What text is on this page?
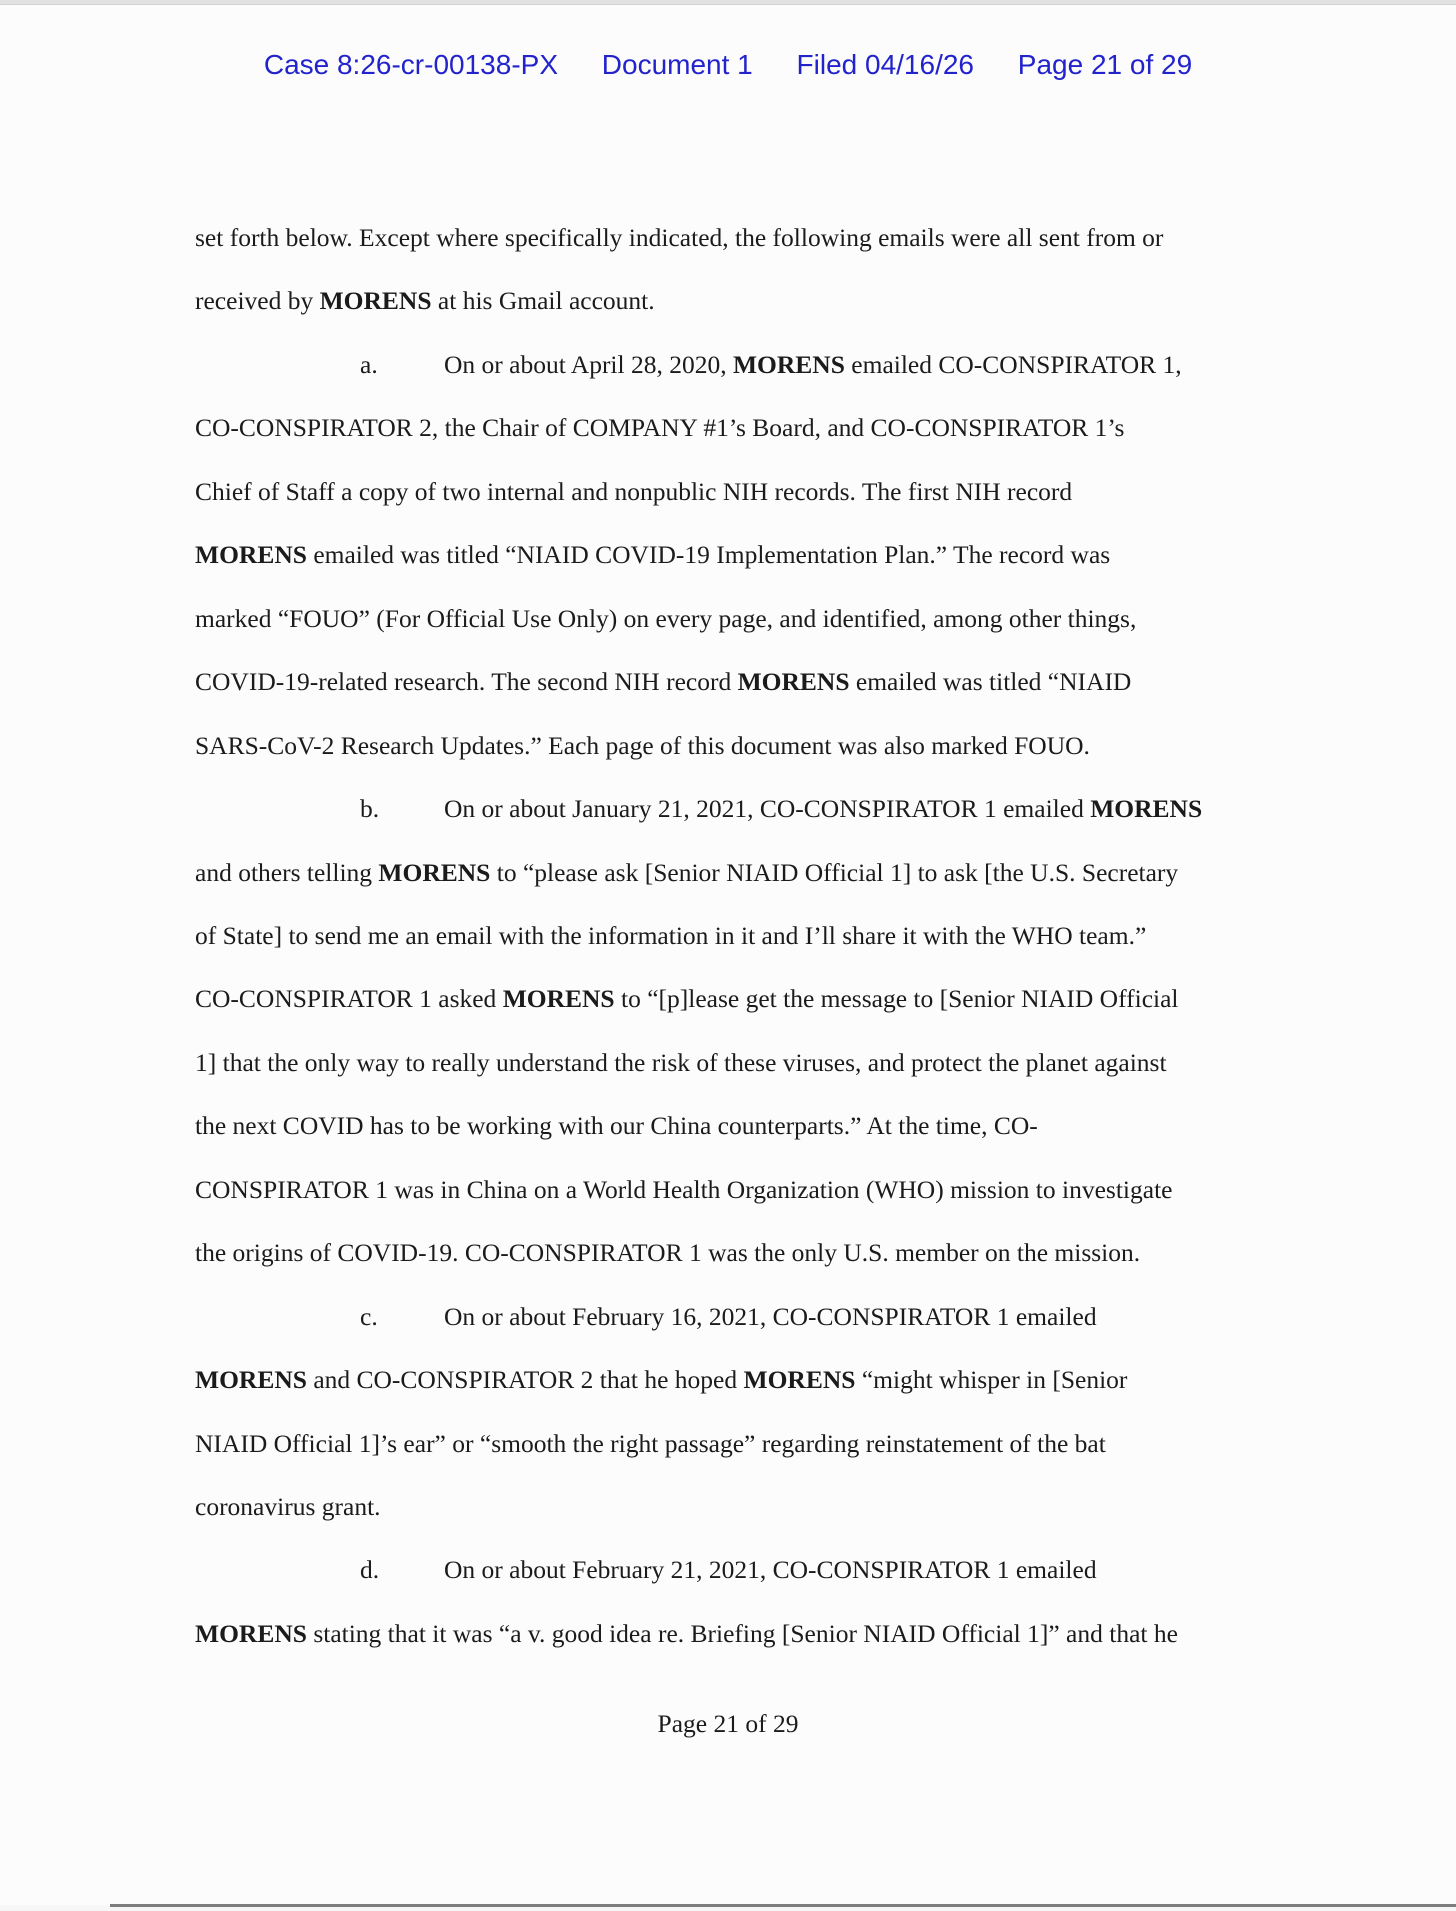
Case 8:26-cr-00138-PX Document 1 Filed 04/16/26 Page 21 of 29
set forth below. Except where specifically indicated, the following emails were all sent from or
received by MORENS at his Gmail account.
a.	On or about April 28, 2020, MORENS emailed CO-CONSPIRATOR 1,
CO-CONSPIRATOR 2, the Chair of COMPANY #1’s Board, and CO-CONSPIRATOR 1’s
Chief of Staff a copy of two internal and nonpublic NIH records. The first NIH record
MORENS emailed was titled “NIAID COVID-19 Implementation Plan.” The record was
marked “FOUO” (For Official Use Only) on every page, and identified, among other things,
COVID-19-related research. The second NIH record MORENS emailed was titled “NIAID
SARS-CoV-2 Research Updates.” Each page of this document was also marked FOUO.
b.	On or about January 21, 2021, CO-CONSPIRATOR 1 emailed MORENS
and others telling MORENS to “please ask [Senior NIAID Official 1] to ask [the U.S. Secretary
of State] to send me an email with the information in it and I’ll share it with the WHO team.”
CO-CONSPIRATOR 1 asked MORENS to “[p]lease get the message to [Senior NIAID Official
1] that the only way to really understand the risk of these viruses, and protect the planet against
the next COVID has to be working with our China counterparts.” At the time, CO-
CONSPIRATOR 1 was in China on a World Health Organization (WHO) mission to investigate
the origins of COVID-19. CO-CONSPIRATOR 1 was the only U.S. member on the mission.
c.	On or about February 16, 2021, CO-CONSPIRATOR 1 emailed
MORENS and CO-CONSPIRATOR 2 that he hoped MORENS “might whisper in [Senior
NIAID Official 1]’s ear” or “smooth the right passage” regarding reinstatement of the bat
coronavirus grant.
d.	On or about February 21, 2021, CO-CONSPIRATOR 1 emailed
MORENS stating that it was “a v. good idea re. Briefing [Senior NIAID Official 1]” and that he
Page 21 of 29
